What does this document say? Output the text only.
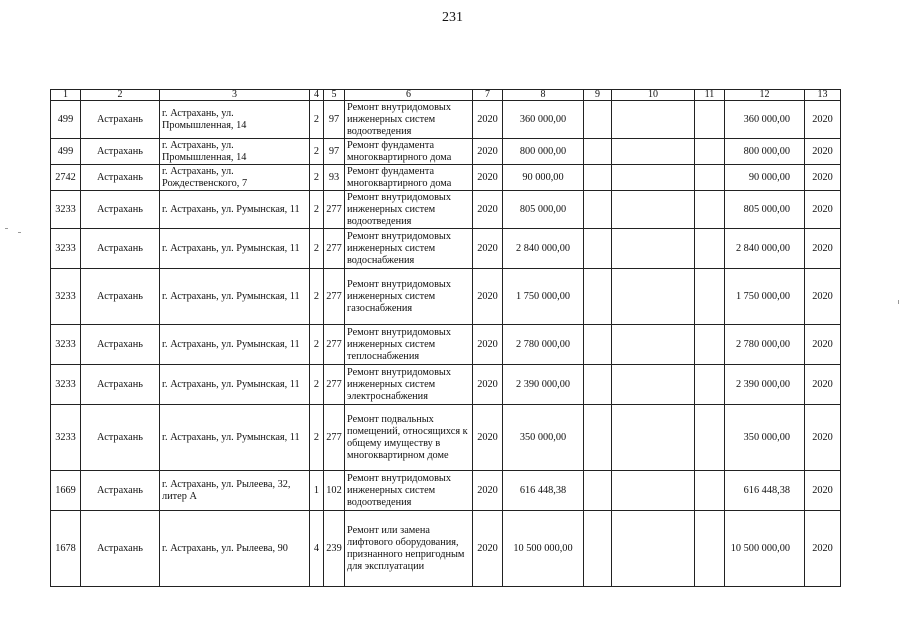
231
1	2	3	4	5	6	7	8	9	10	11	12	13
499	Астрахань	г. Астрахань, ул. Промышленная, 14	2	97	Ремонт внутридомовых инженерных систем водоотведения	2020	360 000,00				360 000,00	2020
499	Астрахань	г. Астрахань, ул. Промышленная, 14	2	97	Ремонт фундамента многоквартирного дома	2020	800 000,00				800 000,00	2020
2742	Астрахань	г. Астрахань, ул. Рождественского, 7	2	93	Ремонт фундамента многоквартирного дома	2020	90 000,00				90 000,00	2020
3233	Астрахань	г. Астрахань, ул. Румынская, 11	2	277	Ремонт внутридомовых инженерных систем водоотведения	2020	805 000,00				805 000,00	2020
3233	Астрахань	г. Астрахань, ул. Румынская, 11	2	277	Ремонт внутридомовых инженерных систем водоснабжения	2020	2 840 000,00				2 840 000,00	2020
3233	Астрахань	г. Астрахань, ул. Румынская, 11	2	277	Ремонт внутридомовых инженерных систем газоснабжения	2020	1 750 000,00				1 750 000,00	2020
3233	Астрахань	г. Астрахань, ул. Румынская, 11	2	277	Ремонт внутридомовых инженерных систем теплоснабжения	2020	2 780 000,00				2 780 000,00	2020
3233	Астрахань	г. Астрахань, ул. Румынская, 11	2	277	Ремонт внутридомовых инженерных систем электроснабжения	2020	2 390 000,00				2 390 000,00	2020
3233	Астрахань	г. Астрахань, ул. Румынская, 11	2	277	Ремонт подвальных помещений, относящихся к общему имуществу в многоквартирном доме	2020	350 000,00				350 000,00	2020
1669	Астрахань	г. Астрахань, ул. Рылеева, 32, литер А	1	102	Ремонт внутридомовых инженерных систем водоотведения	2020	616 448,38				616 448,38	2020
1678	Астрахань	г. Астрахань, ул. Рылеева, 90	4	239	Ремонт или замена лифтового оборудования, признанного непригодным для эксплуатации	2020	10 500 000,00				10 500 000,00	2020
